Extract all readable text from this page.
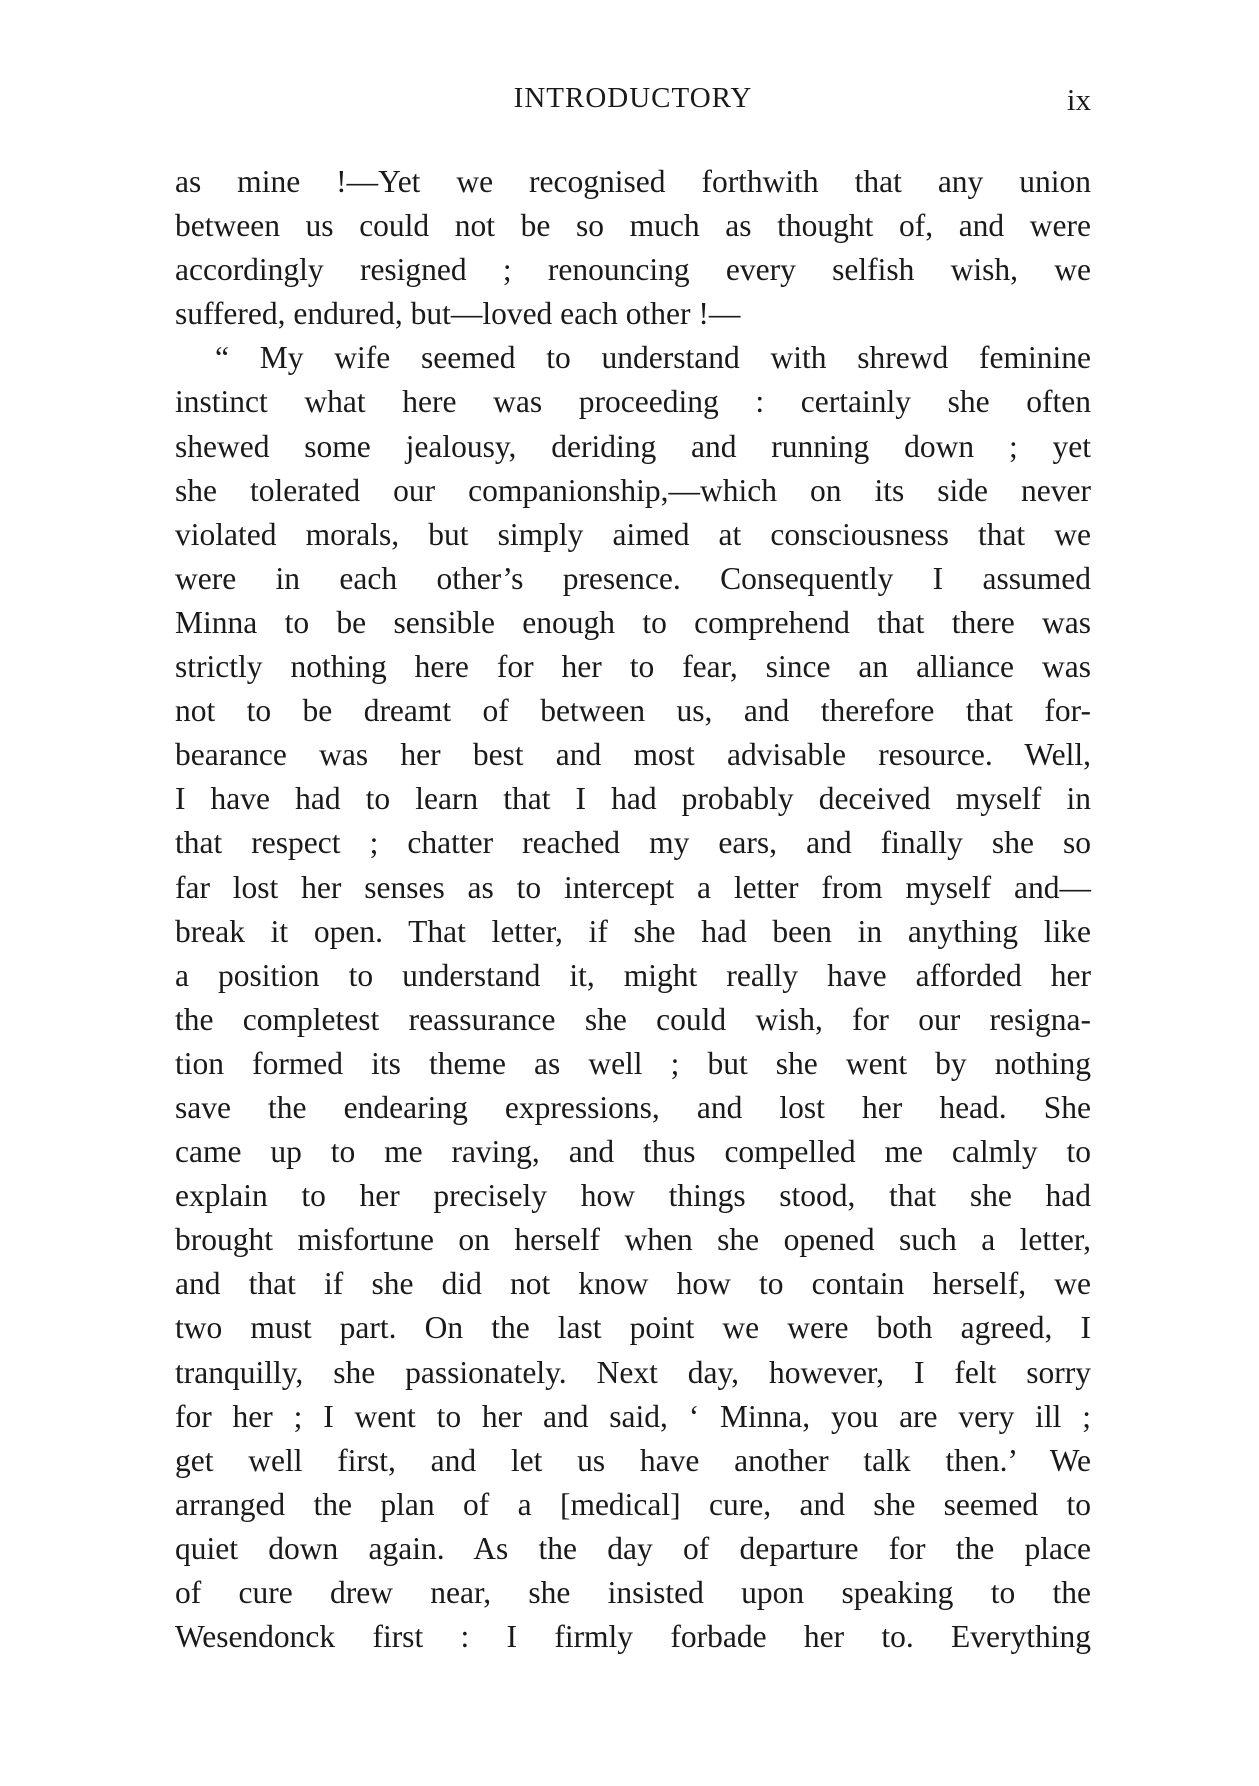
INTRODUCTORY	ix
as mine !—Yet we recognised forthwith that any union
between us could not be so much as thought of, and were
accordingly resigned ; renouncing every selfish wish, we
suffered, endured, but—loved each other !—
“ My wife seemed to understand with shrewd feminine
instinct what here was proceeding : certainly she often
shewed some jealousy, deriding and running down ; yet
she tolerated our companionship,—which on its side never
violated morals, but simply aimed at consciousness that we
were in each other’s presence. Consequently I assumed
Minna to be sensible enough to comprehend that there was
strictly nothing here for her to fear, since an alliance was
not to be dreamt of between us, and therefore that for-
bearance was her best and most advisable resource. Well,
I have had to learn that I had probably deceived myself in
that respect ; chatter reached my ears, and finally she so
far lost her senses as to intercept a letter from myself and—
break it open. That letter, if she had been in anything like
a position to understand it, might really have afforded her
the completest reassurance she could wish, for our resigna-
tion formed its theme as well ; but she went by nothing
save the endearing expressions, and lost her head. She
came up to me raving, and thus compelled me calmly to
explain to her precisely how things stood, that she had
brought misfortune on herself when she opened such a letter,
and that if she did not know how to contain herself, we
two must part. On the last point we were both agreed, I
tranquilly, she passionately. Next day, however, I felt sorry
for her ; I went to her and said, ‘ Minna, you are very ill ;
get well first, and let us have another talk then.’ We
arranged the plan of a [medical] cure, and she seemed to
quiet down again. As the day of departure for the place
of cure drew near, she insisted upon speaking to the
Wesendonck first : I firmly forbade her to. Everything
